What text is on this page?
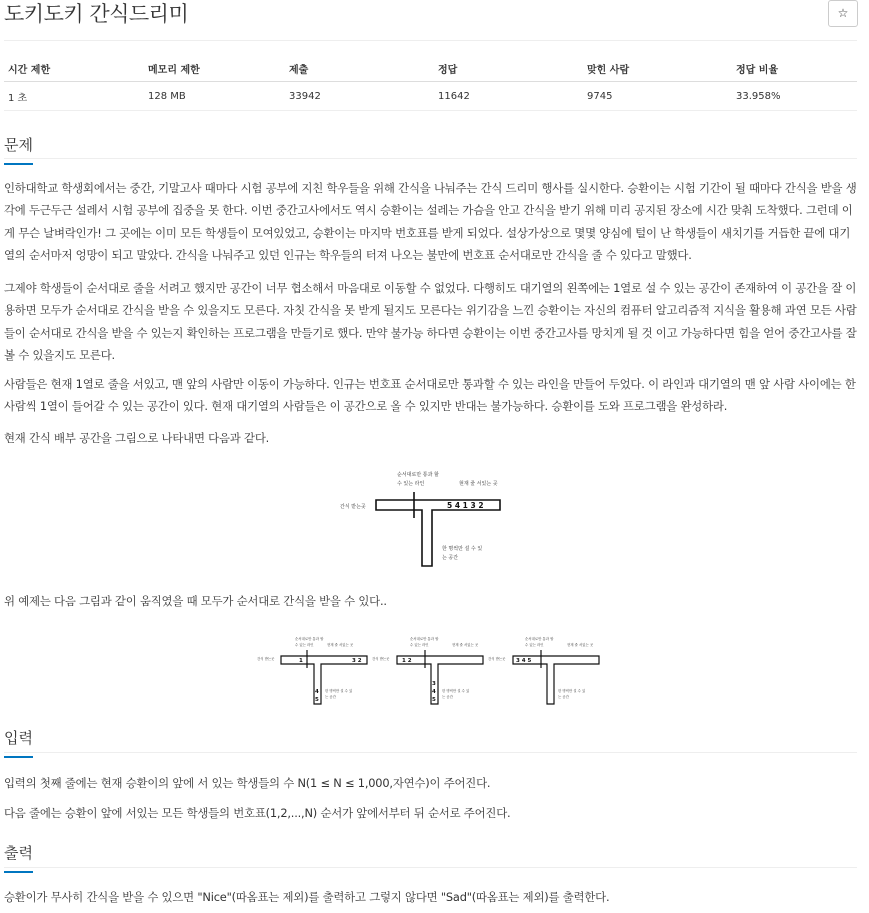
도키도키 간식드리미	☆
시간 제한	메모리 제한	제출	정답	맞힌 사람	정답 비율
1 초	128 MB	33942	11642	9745	33.958%
문제

인하대학교 학생회에서는 중간, 기말고사 때마다 시험 공부에 지친 학우들을 위해 간식을 나눠주는 간식 드리미 행사를 실시한다. 승환이는 시험 기간이 될 때마다 간식을 받을 생각에 두근두근 설레서 시험 공부에 집중을 못 한다. 이번 중간고사에서도 역시 승환이는 설레는 가슴을 안고 간식을 받기 위해 미리 공지된 장소에 시간 맞춰 도착했다. 그런데 이게 무슨 날벼락인가! 그 곳에는 이미 모든 학생들이 모여있었고, 승환이는 마지막 번호표를 받게 되었다. 설상가상으로 몇몇 양심에 털이 난 학생들이 새치기를 거듭한 끝에 대기열의 순서마저 엉망이 되고 말았다. 간식을 나눠주고 있던 인규는 학우들의 터져 나오는 불만에 번호표 순서대로만 간식을 줄 수 있다고 말했다.

그제야 학생들이 순서대로 줄을 서려고 했지만 공간이 너무 협소해서 마음대로 이동할 수 없었다. 다행히도 대기열의 왼쪽에는 1열로 설 수 있는 공간이 존재하여 이 공간을 잘 이용하면 모두가 순서대로 간식을 받을 수 있을지도 모른다. 자칫 간식을 못 받게 될지도 모른다는 위기감을 느낀 승환이는 자신의 컴퓨터 알고리즘적 지식을 활용해 과연 모든 사람들이 순서대로 간식을 받을 수 있는지 확인하는 프로그램을 만들기로 했다. 만약 불가능 하다면 승환이는 이번 중간고사를 망치게 될 것 이고 가능하다면 힘을 얻어 중간고사를 잘 볼 수 있을지도 모른다.

사람들은 현재 1열로 줄을 서있고, 맨 앞의 사람만 이동이 가능하다. 인규는 번호표 순서대로만 통과할 수 있는 라인을 만들어 두었다. 이 라인과 대기열의 맨 앞 사람 사이에는 한 사람씩 1열이 들어갈 수 있는 공간이 있다. 현재 대기열의 사람들은 이 공간으로 올 수 있지만 반대는 불가능하다. 승환이를 도와 프로그램을 완성하라.

현재 간식 배부 공간을 그림으로 나타내면 다음과 같다.

순서대로만 통과 할
수 있는 라인	현재 줄 서있는 곳
간식 받는곳	5 4 1 3 2
한 명씩만 설 수 있
는 공간

위 예제는 다음 그림과 같이 움직였을 때 모두가 순서대로 간식을 받을 수 있다..

순서대로만 통과 할
수 있는 라인	현재 줄 서있는 곳
간식 받는곳	1	3 2
4
5
한 명씩만 설 수 있
는 공간
순서대로만 통과 할
수 있는 라인	현재 줄 서있는 곳
간식 받는곳 1 2
3
4
5
한 명씩만 설 수 있
는 공간
순서대로만 통과 할
수 있는 라인	현재 줄 서있는 곳
간식 받는곳 3 4 5
한 명씩만 설 수 있
는 공간
입력

입력의 첫째 줄에는 현재 승환이의 앞에 서 있는 학생들의 수 N(1 ≤ N ≤ 1,000,자연수)이 주어진다.

다음 줄에는 승환이 앞에 서있는 모든 학생들의 번호표(1,2,...,N) 순서가 앞에서부터 뒤 순서로 주어진다.

출력

승환이가 무사히 간식을 받을 수 있으면 "Nice"(따옴표는 제외)를 출력하고 그렇지 않다면 "Sad"(따옴표는 제외)를 출력한다.
